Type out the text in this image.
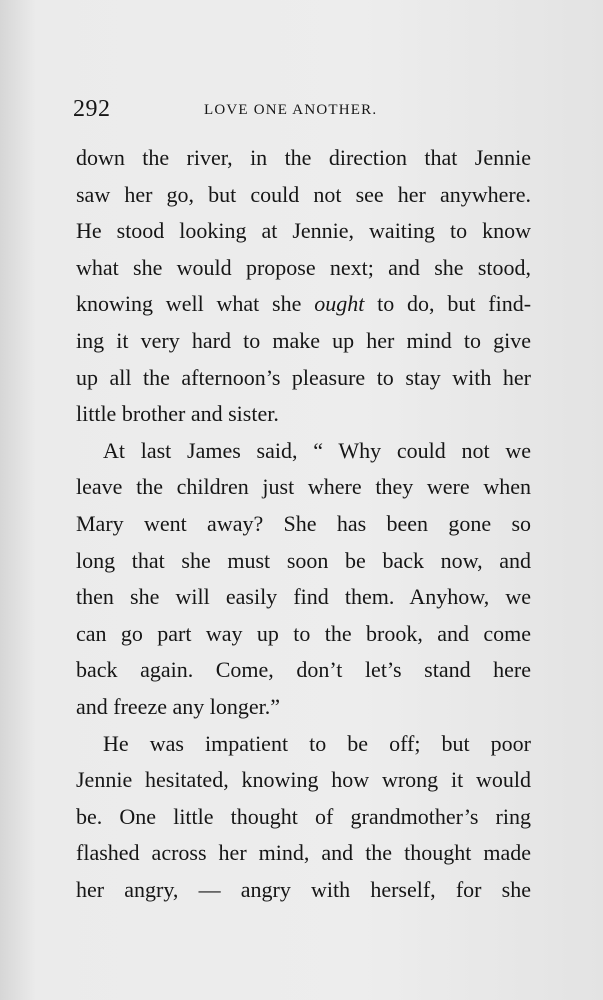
292	LOVE ONE ANOTHER.
down the river, in the direction that Jennie
saw her go, but could not see her anywhere.
He stood looking at Jennie, waiting to know
what she would propose next; and she stood,
knowing well what she ought to do, but find-
ing it very hard to make up her mind to give
up all the afternoon’s pleasure to stay with her
little brother and sister.
At last James said, “ Why could not we
leave the children just where they were when
Mary went away? She has been gone so
long that she must soon be back now, and
then she will easily find them. Anyhow, we
can go part way up to the brook, and come
back again. Come, don’t let’s stand here
and freeze any longer.”
He was impatient to be off; but poor
Jennie hesitated, knowing how wrong it would
be. One little thought of grandmother’s ring
flashed across her mind, and the thought made
her angry, — angry with herself, for she
